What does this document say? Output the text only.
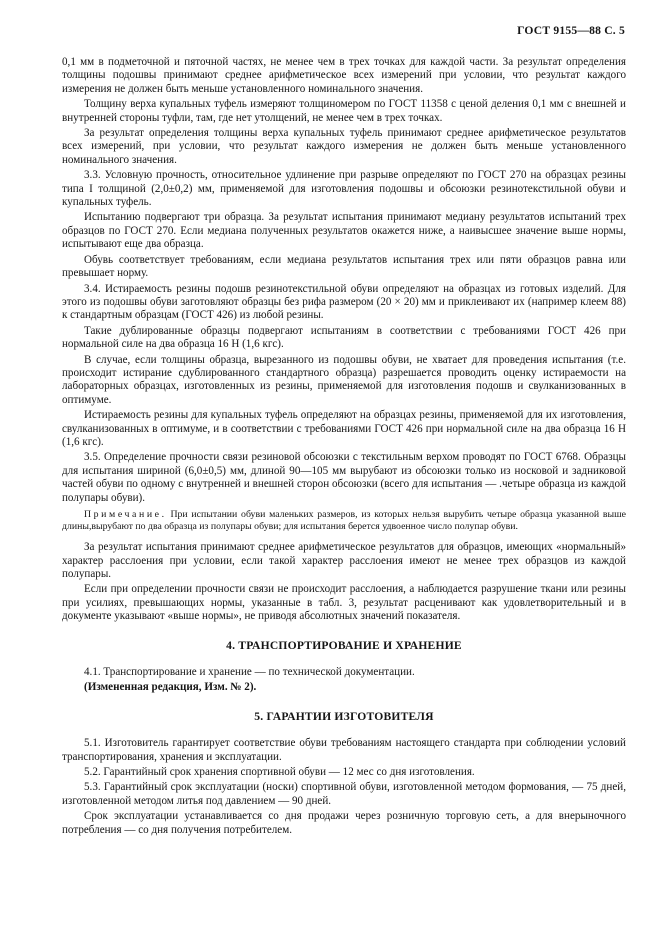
ГОСТ 9155—88 С. 5

0,1 мм в подметочной и пяточной частях, не менее чем в трех точках для каждой части. За результат определения толщины подошвы принимают среднее арифметическое всех измерений при условии, что результат каждого измерения не должен быть меньше установленного номинального значения.

Толщину верха купальных туфель измеряют толщиномером по ГОСТ 11358 с ценой деления 0,1 мм с внешней и внутренней стороны туфли, там, где нет утолщений, не менее чем в трех точках.

За результат определения толщины верха купальных туфель принимают среднее арифметическое результатов всех измерений, при условии, что результат каждого измерения не должен быть меньше установленного номинального значения.

3.3. Условную прочность, относительное удлинение при разрыве определяют по ГОСТ 270 на образцах резины типа I толщиной (2,0±0,2) мм, применяемой для изготовления подошвы и обсоюзки резинотекстильной обуви и купальных туфель.

Испытанию подвергают три образца. За результат испытания принимают медиану результатов испытаний трех образцов по ГОСТ 270. Если медиана полученных результатов окажется ниже, а наивысшее значение выше нормы, испытывают еще два образца.

Обувь соответствует требованиям, если медиана результатов испытания трех или пяти образцов равна или превышает норму.

3.4. Истираемость резины подошв резинотекстильной обуви определяют на образцах из готовых изделий. Для этого из подошвы обуви заготовляют образцы без рифа размером (20 × 20) мм и приклеивают их (например клеем 88) к стандартным образцам (ГОСТ 426) из любой резины.

Такие дублированные образцы подвергают испытаниям в соответствии с требованиями ГОСТ 426 при нормальной силе на два образца 16 Н (1,6 кгс).

В случае, если толщины образца, вырезанного из подошвы обуви, не хватает для проведения испытания (т.е. происходит истирание сдублированного стандартного образца) разрешается проводить оценку истираемости на лабораторных образцах, изготовленных из резины, применяемой для изготовления подошв и свулканизованных в оптимуме.

Истираемость резины для купальных туфель определяют на образцах резины, применяемой для их изготовления, свулканизованных в оптимуме, и в соответствии с требованиями ГОСТ 426 при нормальной силе на два образца 16 Н (1,6 кгс).

3.5. Определение прочности связи резиновой обсоюзки с текстильным верхом проводят по ГОСТ 6768. Образцы для испытания шириной (6,0±0,5) мм, длиной 90—105 мм вырубают из обсоюзки только из носковой и задниковой частей обуви по одному с внутренней и внешней сторон обсоюзки (всего для испытания — .четыре образца из каждой полупары обуви).

Примечание. При испытании обуви маленьких размеров, из которых нельзя вырубить четыре образца указанной выше длины,вырубают по два образца из полупары обуви; для испытания берется удвоенное число полупар обуви.

За результат испытания принимают среднее арифметическое результатов для образцов, имеющих «нормальный» характер расслоения при условии, если такой характер расслоения имеют не менее трех образцов из каждой полупары.

Если при определении прочности связи не происходит расслоения, а наблюдается разрушение ткани или резины при усилиях, превышающих нормы, указанные в табл. 3, результат расценивают как удовлетворительный и в документе указывают «выше нормы», не приводя абсолютных значений показателя.

4. ТРАНСПОРТИРОВАНИЕ И ХРАНЕНИЕ

4.1. Транспортирование и хранение — по технической документации.

(Измененная редакция, Изм. № 2).

5. ГАРАНТИИ ИЗГОТОВИТЕЛЯ

5.1. Изготовитель гарантирует соответствие обуви требованиям настоящего стандарта при соблюдении условий транспортирования, хранения и эксплуатации.

5.2. Гарантийный срок хранения спортивной обуви — 12 мес со дня изготовления.

5.3. Гарантийный срок эксплуатации (носки) спортивной обуви, изготовленной методом формования, — 75 дней, изготовленной методом литья под давлением — 90 дней.

Срок эксплуатации устанавливается со дня продажи через розничную торговую сеть, а для внерыночного потребления — со дня получения потребителем.
